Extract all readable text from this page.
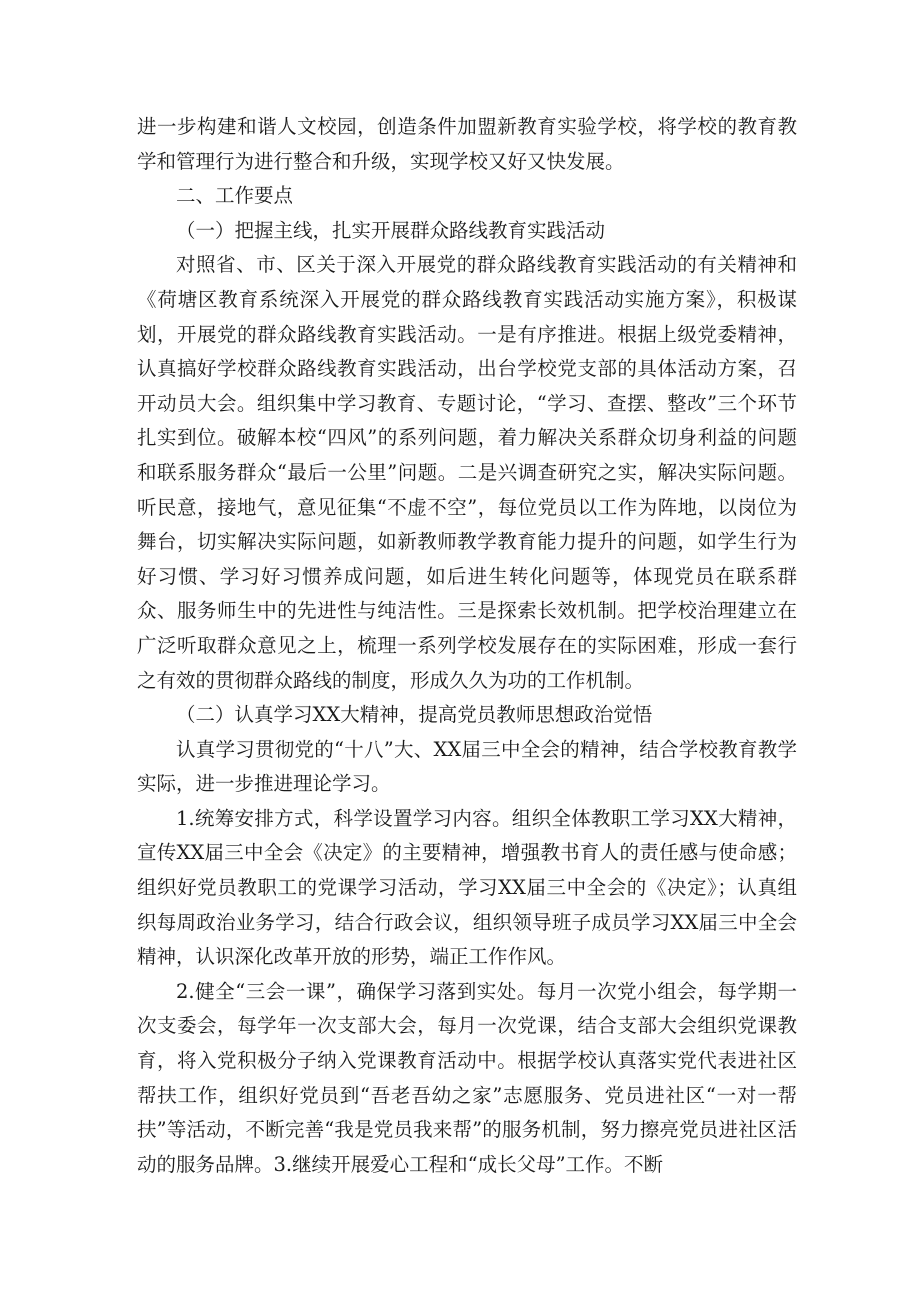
进一步构建和谐人文校园，创造条件加盟新教育实验学校，将学校的教育教学和管理行为进行整合和升级，实现学校又好又快发展。

二、工作要点

（一）把握主线，扎实开展群众路线教育实践活动

对照省、市、区关于深入开展党的群众路线教育实践活动的有关精神和《荷塘区教育系统深入开展党的群众路线教育实践活动实施方案》，积极谋划，开展党的群众路线教育实践活动。一是有序推进。根据上级党委精神，认真搞好学校群众路线教育实践活动，出台学校党支部的具体活动方案，召开动员大会。组织集中学习教育、专题讨论，“学习、查摆、整改”三个环节扎实到位。破解本校“四风”的系列问题，着力解决关系群众切身利益的问题和联系服务群众“最后一公里”问题。二是兴调查研究之实，解决实际问题。听民意，接地气，意见征集“不虚不空”，每位党员以工作为阵地，以岗位为舞台，切实解决实际问题，如新教师教学教育能力提升的问题，如学生行为好习惯、学习好习惯养成问题，如后进生转化问题等，体现党员在联系群众、服务师生中的先进性与纯洁性。三是探索长效机制。把学校治理建立在广泛听取群众意见之上，梳理一系列学校发展存在的实际困难，形成一套行之有效的贯彻群众路线的制度，形成久久为功的工作机制。

（二）认真学习XX大精神，提高党员教师思想政治觉悟

认真学习贯彻党的“十八”大、XX届三中全会的精神，结合学校教育教学实际，进一步推进理论学习。

1.统筹安排方式，科学设置学习内容。组织全体教职工学习XX大精神，宣传XX届三中全会《决定》的主要精神，增强教书育人的责任感与使命感；组织好党员教职工的党课学习活动，学习XX届三中全会的《决定》；认真组织每周政治业务学习，结合行政会议，组织领导班子成员学习XX届三中全会精神，认识深化改革开放的形势，端正工作作风。

2.健全“三会一课”，确保学习落到实处。每月一次党小组会，每学期一次支委会，每学年一次支部大会，每月一次党课，结合支部大会组织党课教育，将入党积极分子纳入党课教育活动中。根据学校认真落实党代表进社区帮扶工作，组织好党员到“吾老吾幼之家”志愿服务、党员进社区“一对一帮扶”等活动，不断完善“我是党员我来帮”的服务机制，努力擦亮党员进社区活动的服务品牌。3.继续开展爱心工程和“成长父母”工作。不断
